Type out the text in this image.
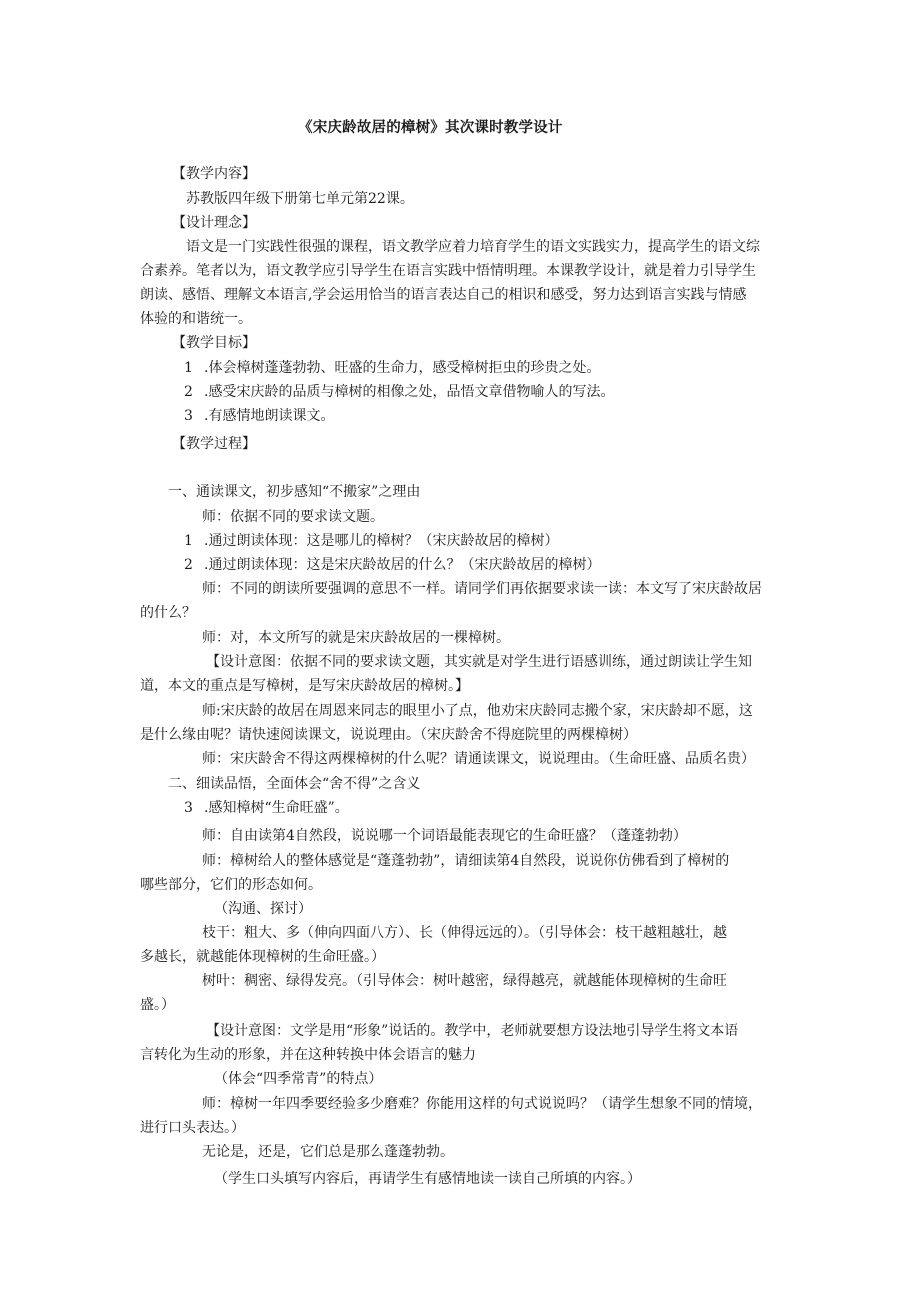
《宋庆龄故居的樟树》其次课时教学设计
【教学内容】
苏教版四年级下册第七单元第22课。
【设计理念】
语文是一门实践性很强的课程，语文教学应着力培育学生的语文实践实力，提高学生的语文综
合素养。笔者以为，语文教学应引导学生在语言实践中悟情明理。本课教学设计，就是着力引导学生
朗读、感悟、理解文本语言,学会运用恰当的语言表达自己的相识和感受，努力达到语言实践与情感
体验的和谐统一。
【教学目标】
1 .体会樟树蓬蓬勃勃、旺盛的生命力，感受樟树拒虫的珍贵之处。
2 .感受宋庆龄的品质与樟树的相像之处，品悟文章借物喻人的写法。
3 .有感情地朗读课文。
【教学过程】
一、通读课文，初步感知“不搬家”之理由
师：依据不同的要求读文题。
1 .通过朗读体现：这是哪儿的樟树？（宋庆龄故居的樟树）
2 .通过朗读体现：这是宋庆龄故居的什么？（宋庆龄故居的樟树）
师：不同的朗读所要强调的意思不一样。请同学们再依据要求读一读：本文写了宋庆龄故居
的什么？
师：对，本文所写的就是宋庆龄故居的一棵樟树。
【设计意图：依据不同的要求读文题，其实就是对学生进行语感训练，通过朗读让学生知
道，本文的重点是写樟树，是写宋庆龄故居的樟树。】
师:宋庆龄的故居在周恩来同志的眼里小了点，他劝宋庆龄同志搬个家，宋庆龄却不愿，这
是什么缘由呢？请快速阅读课文，说说理由。（宋庆龄舍不得庭院里的两棵樟树）
师：宋庆龄舍不得这两棵樟树的什么呢？请通读课文，说说理由。（生命旺盛、品质名贵）
二、细读品悟，全面体会“舍不得”之含义
3 .感知樟树“生命旺盛”。
师：自由读第4自然段，说说哪一个词语最能表现它的生命旺盛？（蓬蓬勃勃）
师：樟树给人的整体感觉是“蓬蓬勃勃”，请细读第4自然段，说说你仿佛看到了樟树的
哪些部分，它们的形态如何。
（沟通、探讨）
枝干：粗大、多（伸向四面八方）、长（伸得远远的）。（引导体会：枝干越粗越壮，越
多越长，就越能体现樟树的生命旺盛。）
树叶：稠密、绿得发亮。（引导体会：树叶越密，绿得越亮，就越能体现樟树的生命旺
盛。）
【设计意图：文学是用“形象”说话的。教学中，老师就要想方设法地引导学生将文本语
言转化为生动的形象，并在这种转换中体会语言的魅力
（体会“四季常青”的特点）
师：樟树一年四季要经验多少磨难？你能用这样的句式说说吗？（请学生想象不同的情境，
进行口头表达。）
无论是，还是，它们总是那么蓬蓬勃勃。
（学生口头填写内容后，再请学生有感情地读一读自己所填的内容。）
